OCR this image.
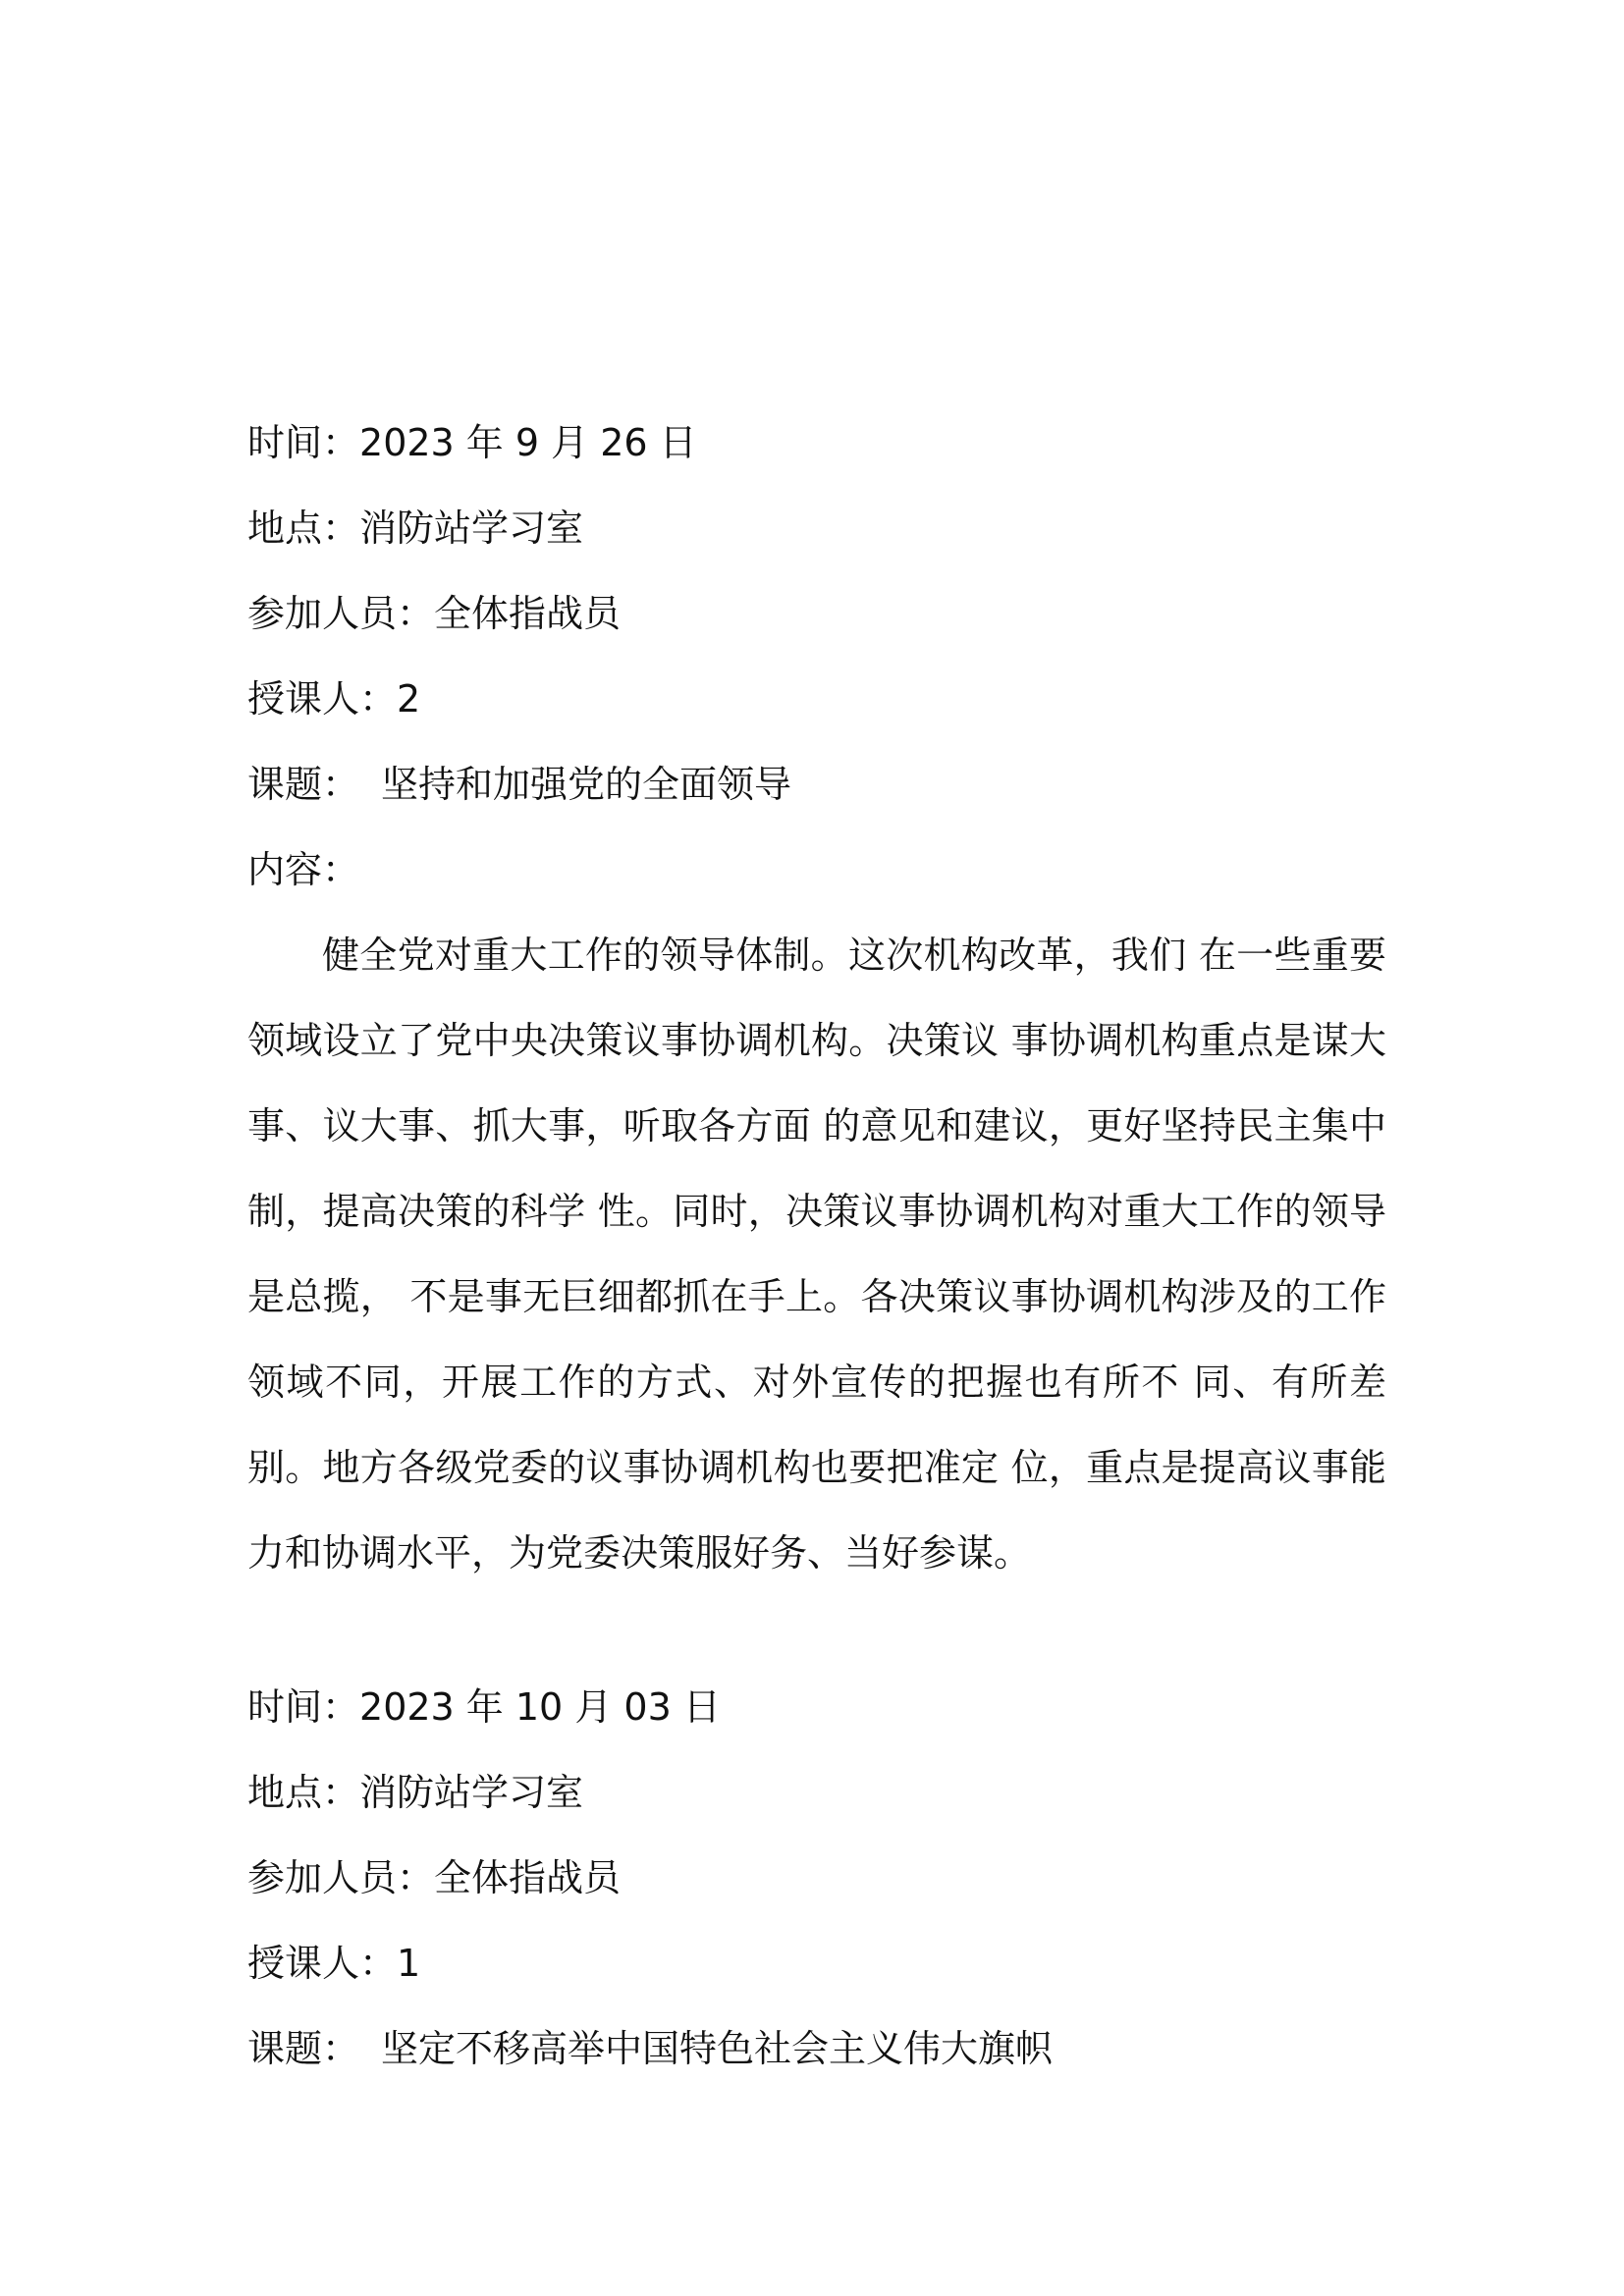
时间：2023 年 9 月 26 日
地点：消防站学习室
参加人员：全体指战员
授课人：2
课题： 坚持和加强党的全面领导
内容：

健全党对重大工作的领导体制。这次机构改革，我们 在一些重要领域设立了党中央决策议事协调机构。决策议 事协调机构重点是谋大事、议大事、抓大事，听取各方面 的意见和建议，更好坚持民主集中制，提高决策的科学 性。同时，决策议事协调机构对重大工作的领导是总揽， 不是事无巨细都抓在手上。各决策议事协调机构涉及的工作领域不同，开展工作的方式、对外宣传的把握也有所不 同、有所差别。地方各级党委的议事协调机构也要把准定 位，重点是提高议事能力和协调水平，为党委决策服好务、当好参谋。

时间：2023 年 10 月 03 日
地点：消防站学习室
参加人员：全体指战员
授课人：1
课题： 坚定不移高举中国特色社会主义伟大旗帜
